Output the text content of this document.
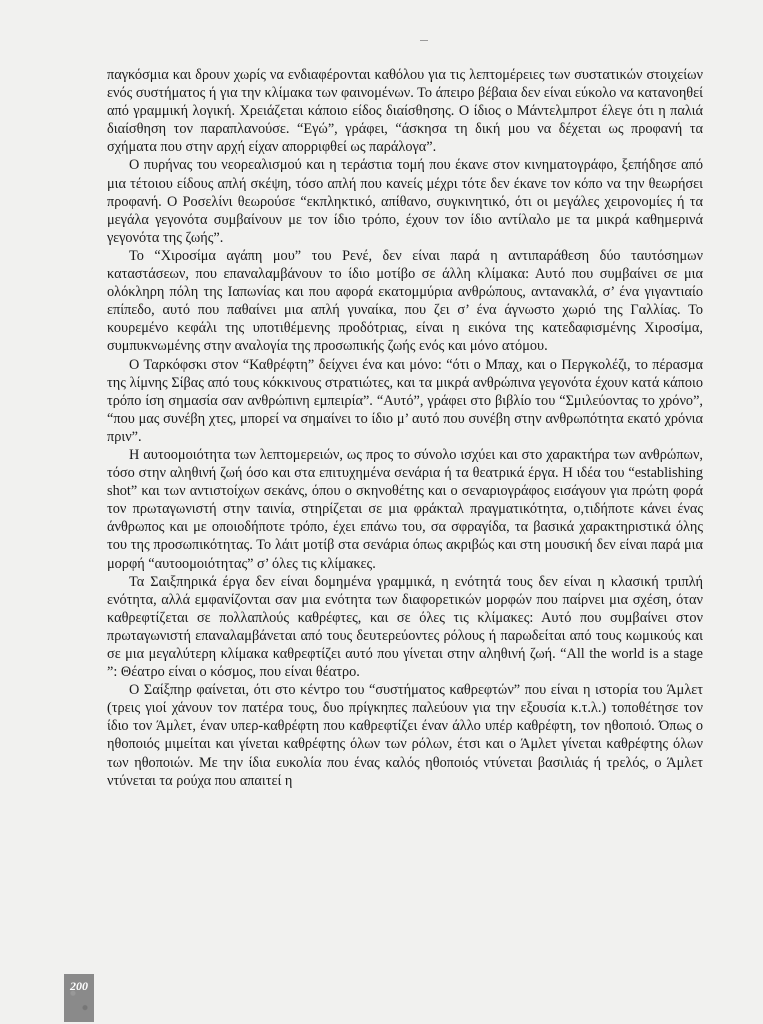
παγκόσμια και δρουν χωρίς να ενδιαφέρονται καθόλου για τις λεπτομέρειες των συστατικών στοιχείων ενός συστήματος ή για την κλίμακα των φαινομένων. Το άπειρο βέβαια δεν είναι εύκολο να κατανοηθεί από γραμμική λογική. Χρειάζεται κάποιο είδος διαίσθησης. Ο ίδιος ο Μάντελμπροτ έλεγε ότι η παλιά διαίσθηση τον παραπλανούσε. “Εγώ”, γράφει, “άσκησα τη δική μου να δέχεται ως προφανή τα σχήματα που στην αρχή είχαν απορριφθεί ως παράλογα”.

Ο πυρήνας του νεορεαλισμού και η τεράστια τομή που έκανε στον κινηματογράφο, ξεπήδησε από μια τέτοιου είδους απλή σκέψη, τόσο απλή που κανείς μέχρι τότε δεν έκανε τον κόπο να την θεωρήσει προφανή. Ο Ροσελίνι θεωρούσε “εκπληκτικό, απίθανο, συγκινητικό, ότι οι μεγάλες χειρονομίες ή τα μεγάλα γεγονότα συμβαίνουν με τον ίδιο τρόπο, έχουν τον ίδιο αντίλαλο με τα μικρά καθημερινά γεγονότα της ζωής”.

Το “Χιροσίμα αγάπη μου” του Ρενέ, δεν είναι παρά η αντιπαράθεση δύο ταυτόσημων καταστάσεων, που επαναλαμβάνουν το ίδιο μοτίβο σε άλλη κλίμακα: Αυτό που συμβαίνει σε μια ολόκληρη πόλη της Ιαπωνίας και που αφορά εκατομμύρια ανθρώπους, αντανακλά, σ’ ένα γιγαντιαίο επίπεδο, αυτό που παθαίνει μια απλή γυναίκα, που ζει σ’ ένα άγνωστο χωριό της Γαλλίας. Το κουρεμένο κεφάλι της υποτιθέμενης προδότριας, είναι η εικόνα της κατεδαφισμένης Χιροσίμα, συμπυκνωμένης στην αναλογία της προσωπικής ζωής ενός και μόνο ατόμου.

Ο Ταρκόφσκι στον “Καθρέφτη” δείχνει ένα και μόνο: “ότι ο Μπαχ, και ο Περγκολέζι, το πέρασμα της λίμνης Σίβας από τους κόκκινους στρατιώτες, και τα μικρά ανθρώπινα γεγονότα έχουν κατά κάποιο τρόπο ίση σημασία σαν ανθρώπινη εμπειρία”. “Αυτό”, γράφει στο βιβλίο του “Σμιλεύοντας το χρόνο”, “που μας συνέβη χτες, μπορεί να σημαίνει το ίδιο μ’ αυτό που συνέβη στην ανθρωπότητα εκατό χρόνια πριν”.

Η αυτοομοιότητα των λεπτομερειών, ως προς το σύνολο ισχύει και στο χαρακτήρα των ανθρώπων, τόσο στην αληθινή ζωή όσο και στα επιτυχημένα σενάρια ή τα θεατρικά έργα. Η ιδέα του “establishing shot” και των αντιστοίχων σεκάνς, όπου ο σκηνοθέτης και ο σεναριογράφος εισάγουν για πρώτη φορά τον πρωταγωνιστή στην ταινία, στηρίζεται σε μια φράκταλ πραγματικότητα, ο,τιδήποτε κάνει ένας άνθρωπος και με οποιοδήποτε τρόπο, έχει επάνω του, σα σφραγίδα, τα βασικά χαρακτηριστικά όλης του της προσωπικότητας. Το λάιτ μοτίβ στα σενάρια όπως ακριβώς και στη μουσική δεν είναι παρά μια μορφή “αυτοομοιότητας” σ’ όλες τις κλίμακες.

Τα Σαιξπηρικά έργα δεν είναι δομημένα γραμμικά, η ενότητά τους δεν είναι η κλασική τριπλή ενότητα, αλλά εμφανίζονται σαν μια ενότητα των διαφορετικών μορφών που παίρνει μια σχέση, όταν καθρεφτίζεται σε πολλαπλούς καθρέφτες, και σε όλες τις κλίμακες: Αυτό που συμβαίνει στον πρωταγωνιστή επαναλαμβάνεται από τους δευτερεύοντες ρόλους ή παρωδείται από τους κωμικούς και σε μια μεγαλύτερη κλίμακα καθρεφτίζει αυτό που γίνεται στην αληθινή ζωή. “All the world is a stage ”: Θέατρο είναι ο κόσμος, που είναι θέατρο.

Ο Σαίξπηρ φαίνεται, ότι στο κέντρο του “συστήματος καθρεφτών” που είναι η ιστορία του Άμλετ (τρεις γιοί χάνουν τον πατέρα τους, δυο πρίγκηπες παλεύουν για την εξουσία κ.τ.λ.) τοποθέτησε τον ίδιο τον Άμλετ, έναν υπερ-καθρέφτη που καθρεφτίζει έναν άλλο υπέρ καθρέφτη, τον ηθοποιό. Όπως ο ηθοποιός μιμείται και γίνεται καθρέφτης όλων των ρόλων, έτσι και ο Άμλετ γίνεται καθρέφτης όλων των ηθοποιών. Με την ίδια ευκολία που ένας καλός ηθοποιός ντύνεται βασιλιάς ή τρελός, ο Άμλετ ντύνεται τα ρούχα που απαιτεί η

200
